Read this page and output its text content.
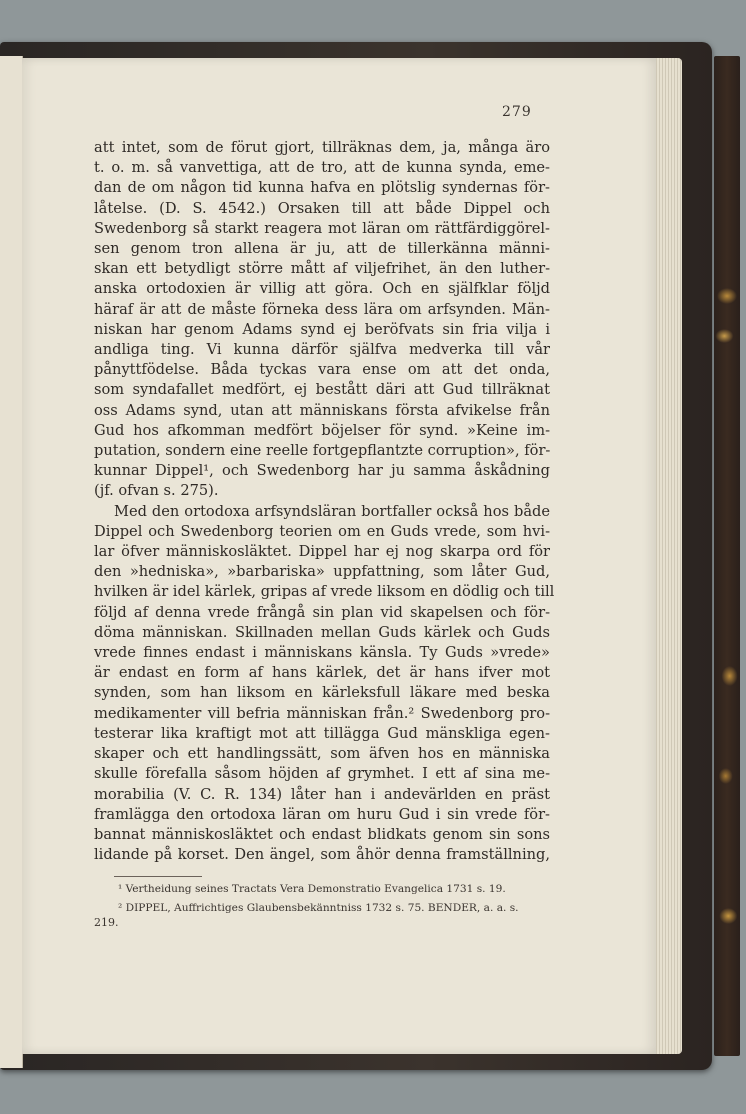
279
att intet, som de förut gjort, tillräknas dem, ja, många äro
t. o. m. så vanvettiga, att de tro, att de kunna synda, eme-
dan de om någon tid kunna hafva en plötslig syndernas för-
låtelse. (D. S. 4542.) Orsaken till att både Dippel och
Swedenborg så starkt reagera mot läran om rättfärdiggörel-
sen genom tron allena är ju, att de tillerkänna männi-
skan ett betydligt större mått af viljefrihet, än den luther-
anska ortodoxien är villig att göra. Och en själfklar följd
häraf är att de måste förneka dess lära om arfsynden. Män-
niskan har genom Adams synd ej beröfvats sin fria vilja i
andliga ting. Vi kunna därför själfva medverka till vår
pånyttfödelse. Båda tyckas vara ense om att det onda,
som syndafallet medfört, ej bestått däri att Gud tillräknat
oss Adams synd, utan att människans första afvikelse från
Gud hos afkomman medfört böjelser för synd. »Keine im-
putation, sondern eine reelle fortgepflantzte corruption», för-
kunnar Dippel¹, och Swedenborg har ju samma åskådning
(jf. ofvan s. 275).
Med den ortodoxa arfsyndsläran bortfaller också hos både
Dippel och Swedenborg teorien om en Guds vrede, som hvi-
lar öfver människosläktet. Dippel har ej nog skarpa ord för
den »hedniska», »barbariska» uppfattning, som låter Gud,
hvilken är idel kärlek, gripas af vrede liksom en dödlig och till
följd af denna vrede frångå sin plan vid skapelsen och för-
döma människan. Skillnaden mellan Guds kärlek och Guds
vrede finnes endast i människans känsla. Ty Guds »vrede»
är endast en form af hans kärlek, det är hans ifver mot
synden, som han liksom en kärleksfull läkare med beska
medikamenter vill befria människan från.² Swedenborg pro-
testerar lika kraftigt mot att tillägga Gud mänskliga egen-
skaper och ett handlingssätt, som äfven hos en människa
skulle förefalla såsom höjden af grymhet. I ett af sina me-
morabilia (V. C. R. 134) låter han i andevärlden en präst
framlägga den ortodoxa läran om huru Gud i sin vrede för-
bannat människosläktet och endast blidkats genom sin sons
lidande på korset. Den ängel, som åhör denna framställning,
¹ Vertheidung seines Tractats Vera Demonstratio Evangelica 1731 s. 19.
² DIPPEL, Auffrichtiges Glaubensbekänntniss 1732 s. 75. BENDER, a. a. s.
219.
